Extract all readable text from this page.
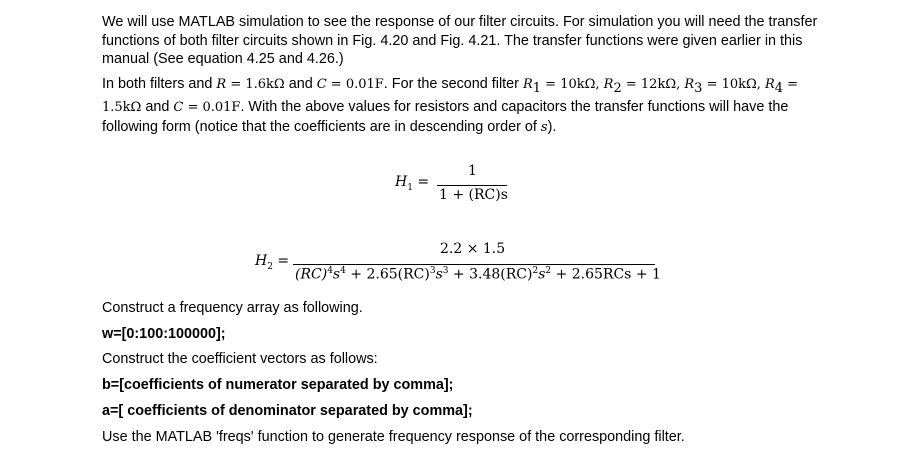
We will use MATLAB simulation to see the response of our filter circuits. For simulation you will need the transfer functions of both filter circuits shown in Fig. 4.20 and Fig. 4.21. The transfer functions were given earlier in this manual (See equation 4.25 and 4.26.)
In both filters and R = 1.6kΩ and C = 0.01F. For the second filter $R_1 = 10k\Omega$, $R_2 = 12k\Omega$, $R_3 = 10k\Omega$, $R_4 = 1.5k\Omega$ and C = 0.01F. With the above values for resistors and capacitors the transfer functions will have the following form (notice that the coefficients are in descending order of s).
$H_1$ =
1
1 + (RC)s
$H_2$ =
2.2 × 1.5
$(RC)^4s^4 + 2.65(RC)^3s^3 + 3.48(RC)^2s^2 + 2.65RCs + 1$
Construct a frequency array as following.
w=[0:100:100000];
Construct the coefficient vectors as follows:
b=[coefficients of numerator separated by comma];
a=[ coefficients of denominator separated by comma];
Use the MATLAB 'freqs' function to generate frequency response of the corresponding filter.
